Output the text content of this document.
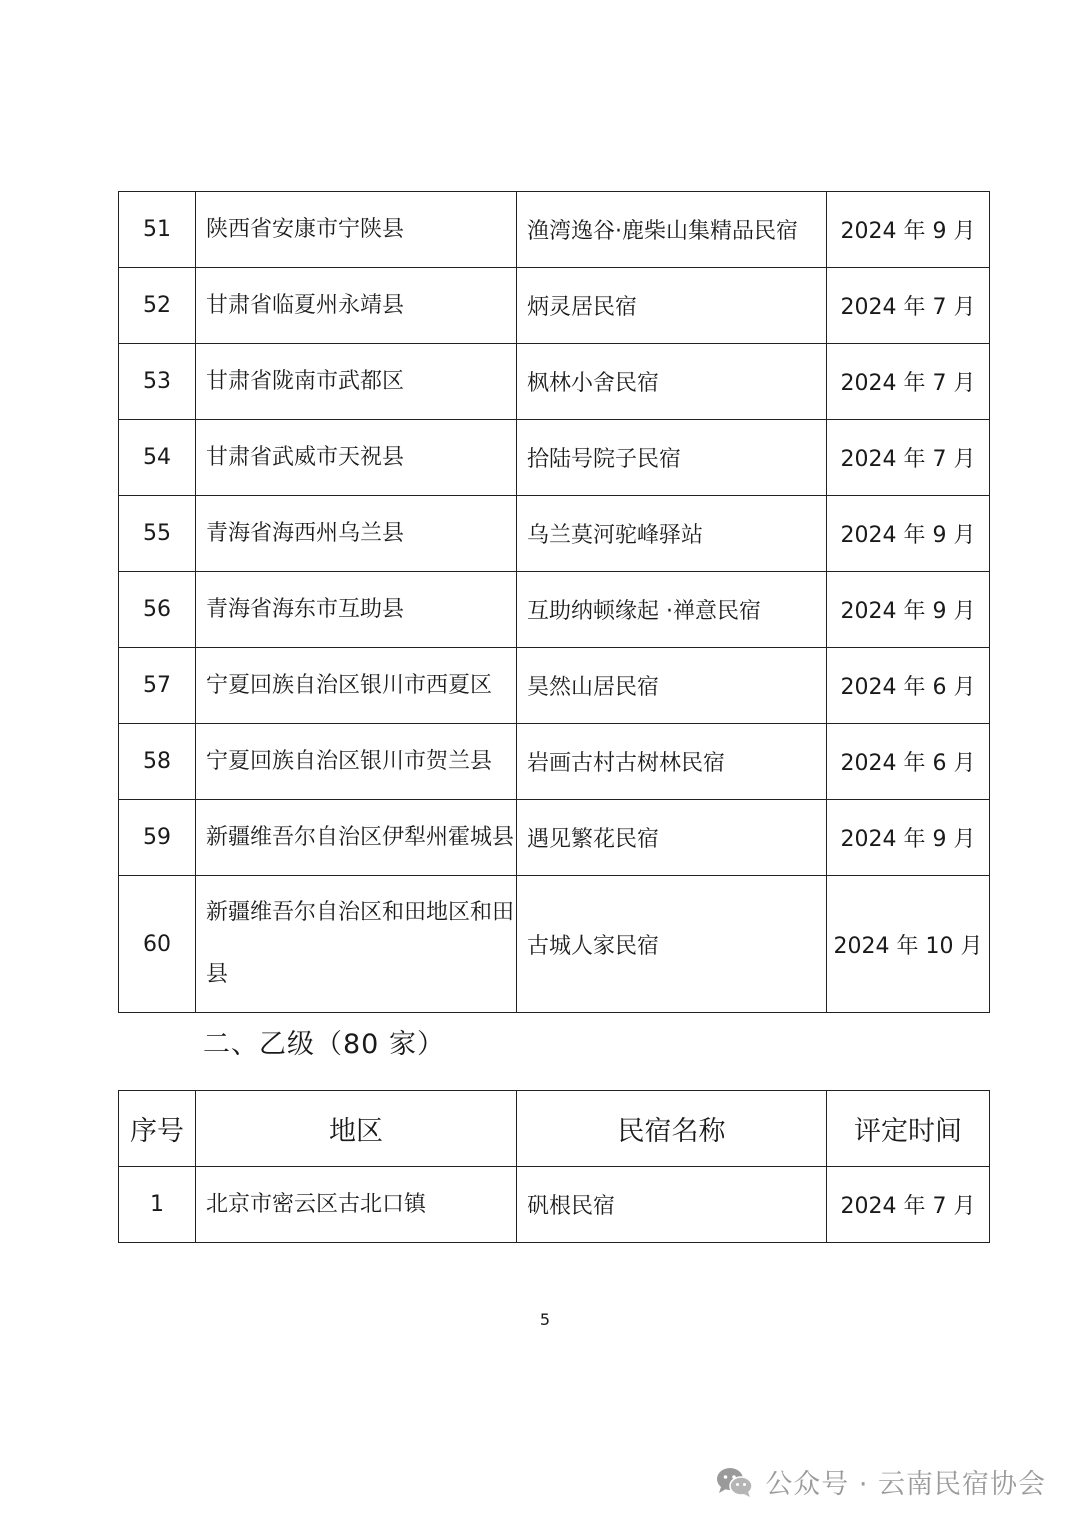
51	陕西省安康市宁陕县	渔湾逸谷·鹿柴山集精品民宿	2024 年 9 月
52	甘肃省临夏州永靖县	炳灵居民宿	2024 年 7 月
53	甘肃省陇南市武都区	枫林小舍民宿	2024 年 7 月
54	甘肃省武威市天祝县	拾陆号院子民宿	2024 年 7 月
55	青海省海西州乌兰县	乌兰莫河驼峰驿站	2024 年 9 月
56	青海省海东市互助县	互助纳顿缘起 ·禅意民宿	2024 年 9 月
57	宁夏回族自治区银川市西夏区	昊然山居民宿	2024 年 6 月
58	宁夏回族自治区银川市贺兰县	岩画古村古树林民宿	2024 年 6 月
59	新疆维吾尔自治区伊犁州霍城县	遇见繁花民宿	2024 年 9 月
60	新疆维吾尔自治区和田地区和田县	古城人家民宿	2024 年 10 月
二、乙级（80 家）
序号	地区	民宿名称	评定时间
1	北京市密云区古北口镇	矾根民宿	2024 年 7 月
5
公众号 · 云南民宿协会
